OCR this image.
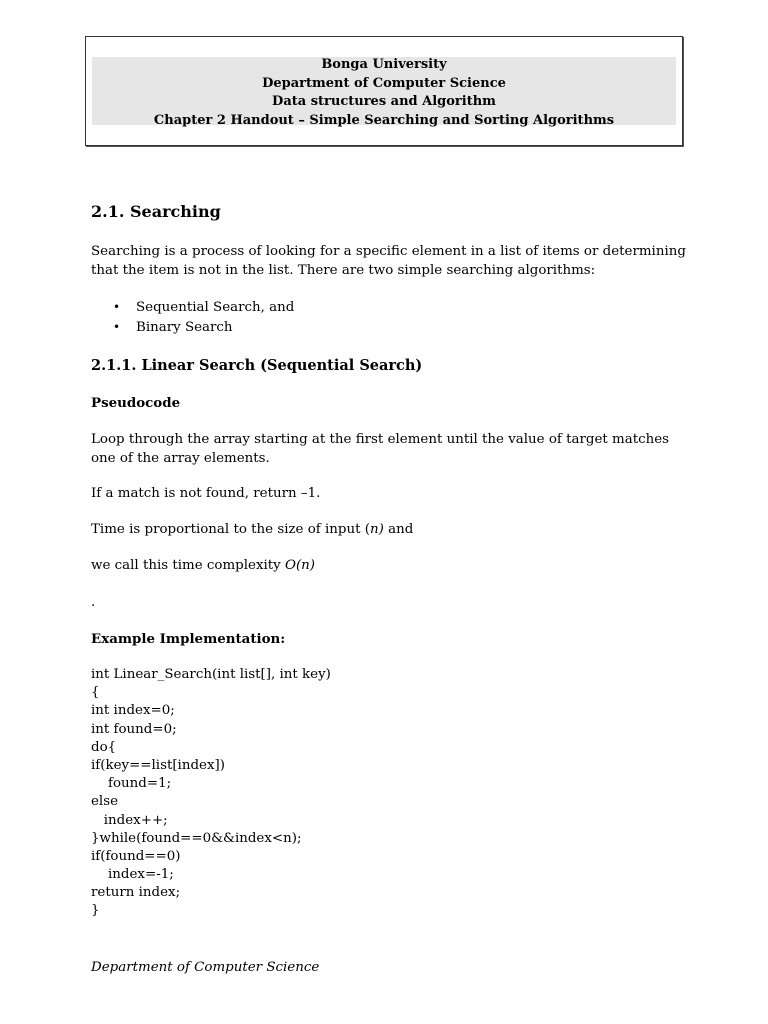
Bonga University
Department of Computer Science
Data structures and Algorithm
Chapter 2 Handout – Simple Searching and Sorting Algorithms
2.1. Searching
Searching is a process of looking for a specific element in a list of items or determining that the item is not in the list. There are two simple searching algorithms:
• Sequential Search, and
• Binary Search
2.1.1. Linear Search (Sequential Search)
Pseudocode
Loop through the array starting at the first element until the value of target matches one of the array elements.
If a match is not found, return –1.
Time is proportional to the size of input (n) and
we call this time complexity O(n)
.
Example Implementation:
int Linear_Search(int list[], int key)
{
int index=0;
int found=0;
do{
if(key==list[index])
found=1;
else
index++;
}while(found==0&&index<n);
if(found==0)
index=-1;
return index;
}
Department of Computer Science
